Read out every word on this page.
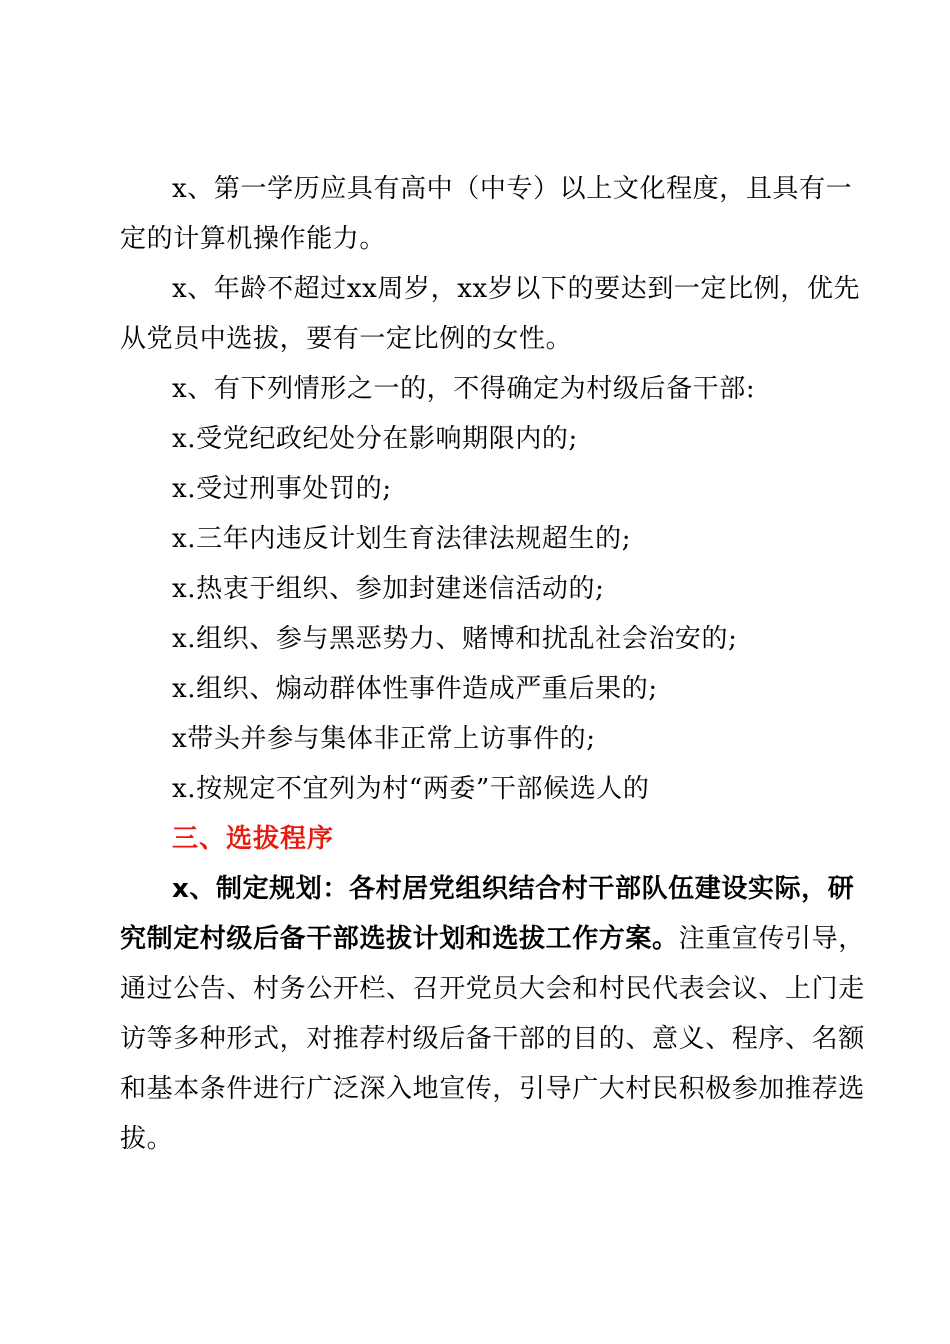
x、第一学历应具有高中（中专）以上文化程度，且具有一
定的计算机操作能力。
x、年龄不超过xx周岁，xx岁以下的要达到一定比例，优先
从党员中选拔，要有一定比例的女性。
x、有下列情形之一的，不得确定为村级后备干部:
x.受党纪政纪处分在影响期限内的;
x.受过刑事处罚的;
x.三年内违反计划生育法律法规超生的;
x.热衷于组织、参加封建迷信活动的;
x.组织、参与黑恶势力、赌博和扰乱社会治安的;
x.组织、煽动群体性事件造成严重后果的;
x带头并参与集体非正常上访事件的;
x.按规定不宜列为村“两委”干部候选人的
三、选拔程序
x、制定规划：各村居党组织结合村干部队伍建设实际，研
究制定村级后备干部选拔计划和选拔工作方案。注重宣传引导，
通过公告、村务公开栏、召开党员大会和村民代表会议、上门走
访等多种形式，对推荐村级后备干部的目的、意义、程序、名额
和基本条件进行广泛深入地宣传，引导广大村民积极参加推荐选
拔。
